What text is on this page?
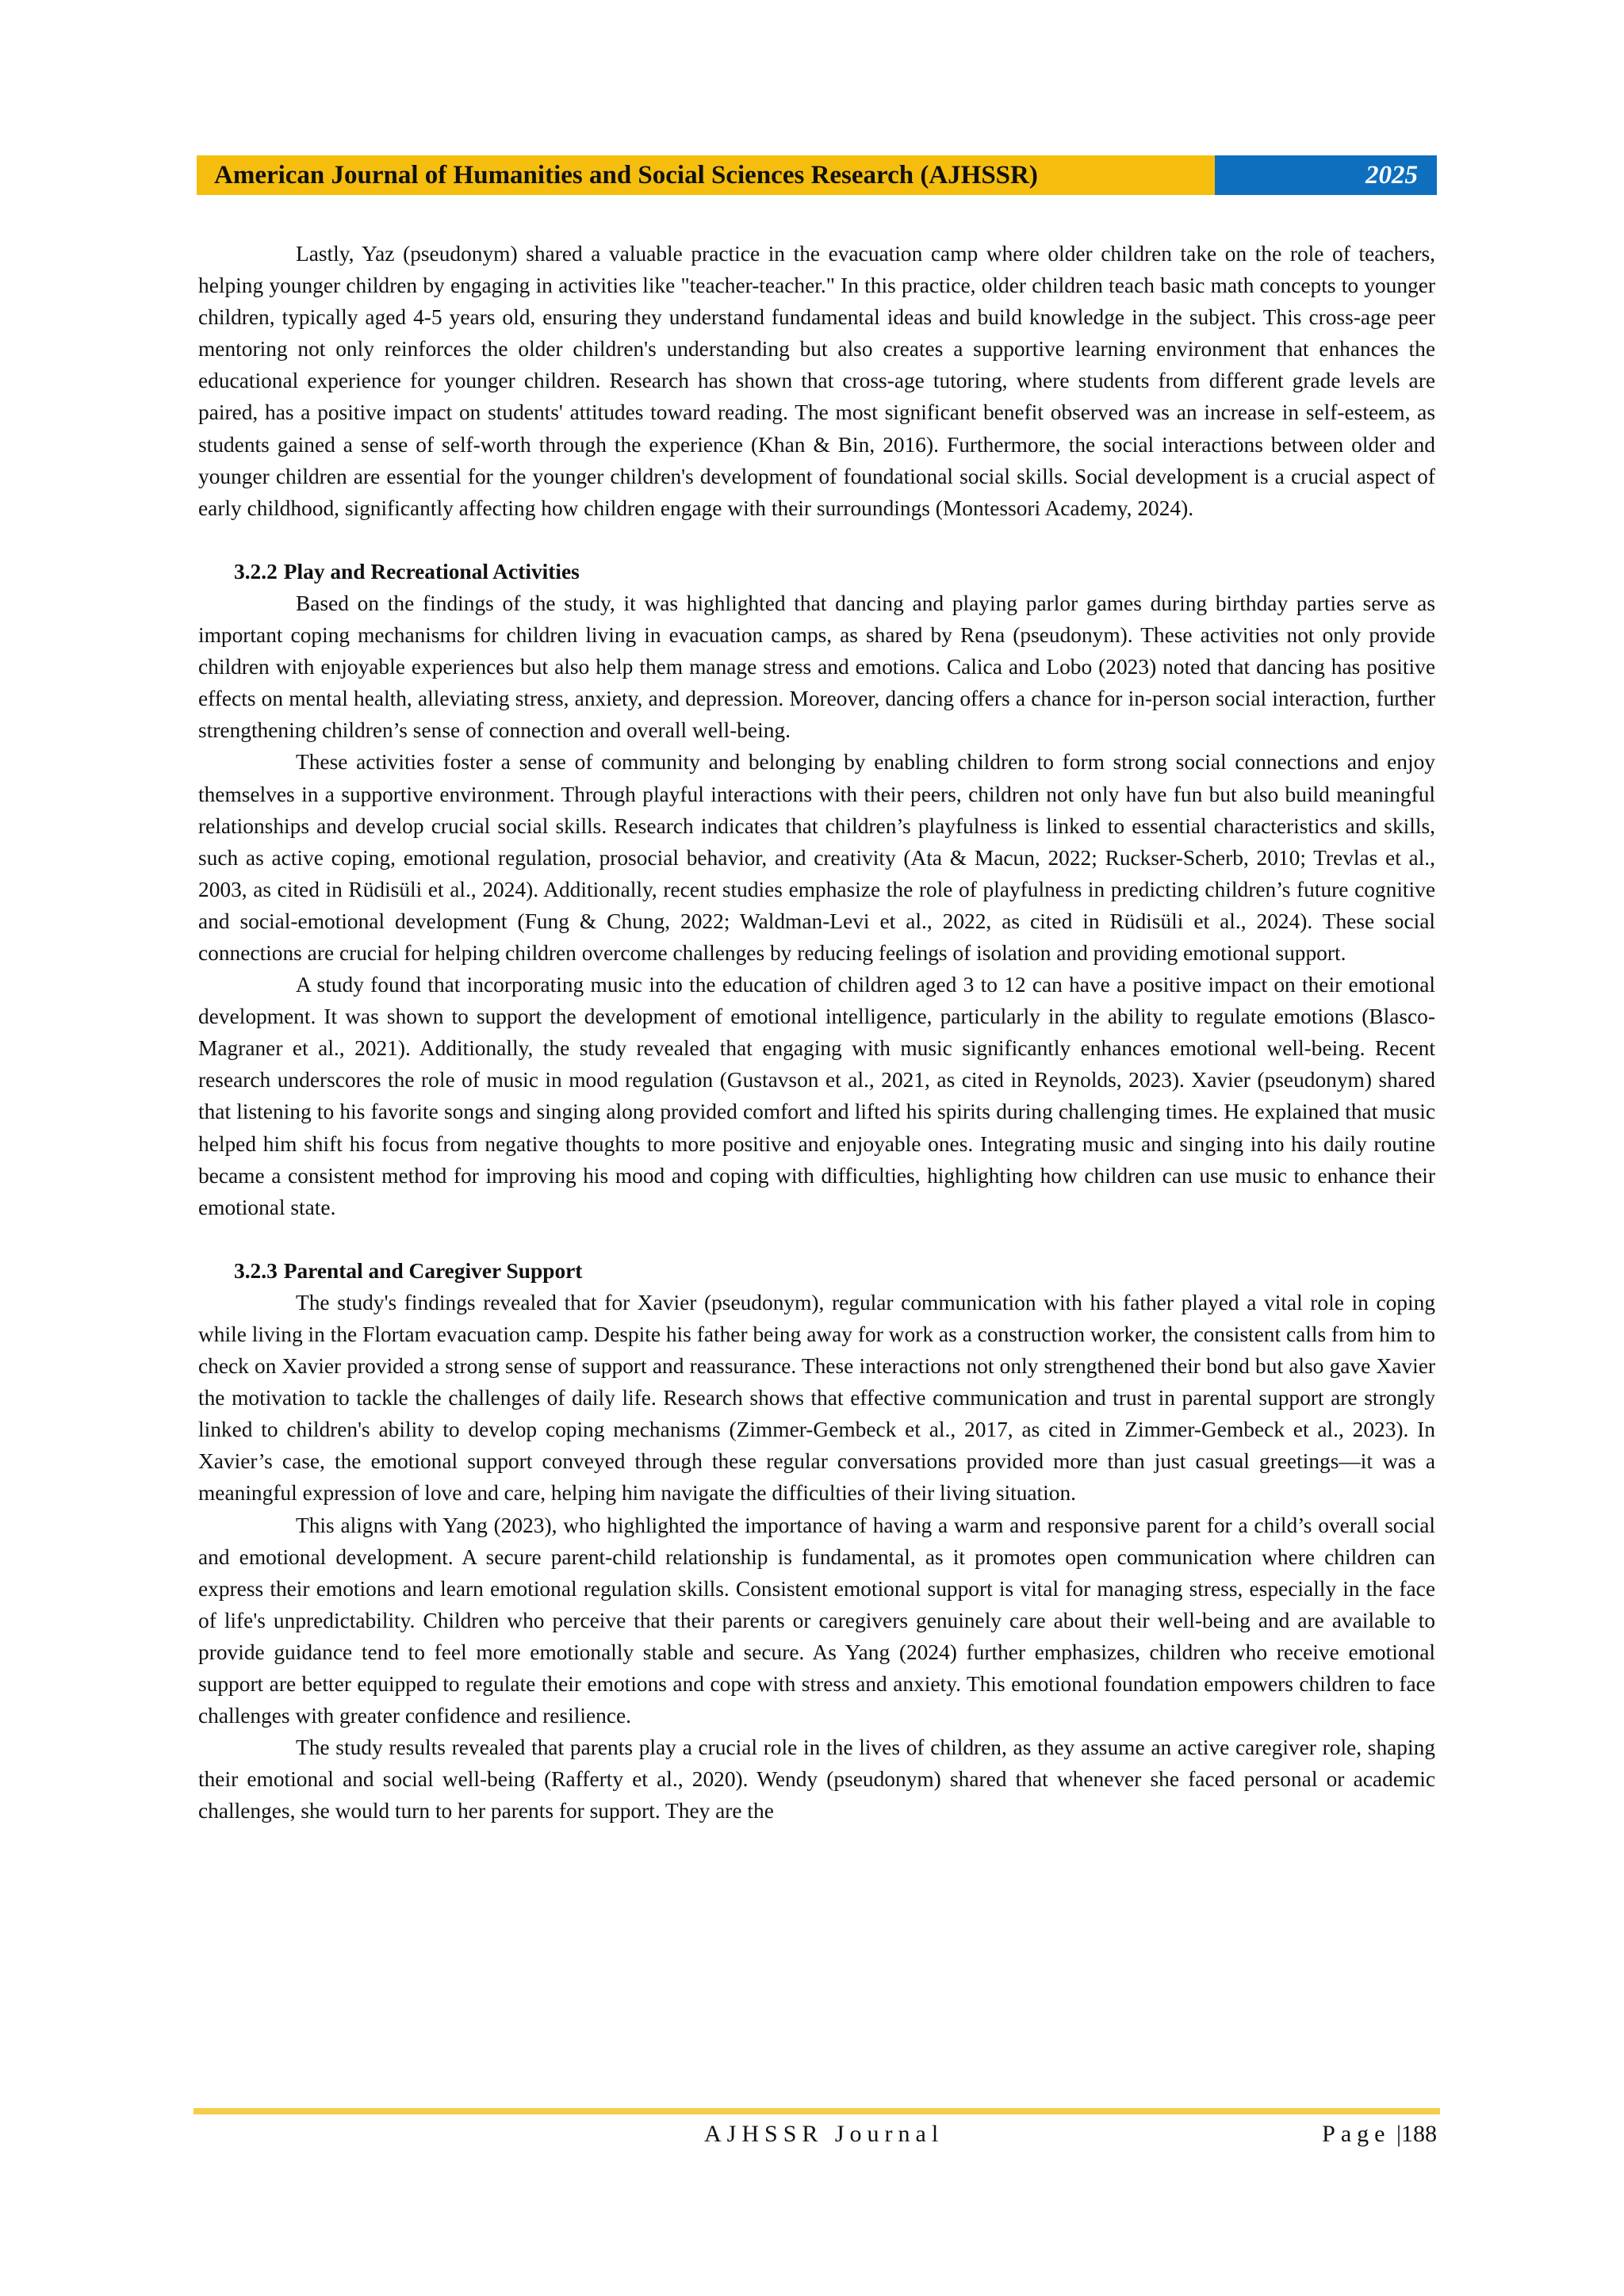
American Journal of Humanities and Social Sciences Research (AJHSSR)	2025

Lastly, Yaz (pseudonym) shared a valuable practice in the evacuation camp where older children take on the role of teachers, helping younger children by engaging in activities like "teacher-teacher." In this practice, older children teach basic math concepts to younger children, typically aged 4-5 years old, ensuring they understand fundamental ideas and build knowledge in the subject. This cross-age peer mentoring not only reinforces the older children's understanding but also creates a supportive learning environment that enhances the educational experience for younger children. Research has shown that cross-age tutoring, where students from different grade levels are paired, has a positive impact on students' attitudes toward reading. The most significant benefit observed was an increase in self-esteem, as students gained a sense of self-worth through the experience (Khan & Bin, 2016). Furthermore, the social interactions between older and younger children are essential for the younger children's development of foundational social skills. Social development is a crucial aspect of early childhood, significantly affecting how children engage with their surroundings (Montessori Academy, 2024).

3.2.2 Play and Recreational Activities

Based on the findings of the study, it was highlighted that dancing and playing parlor games during birthday parties serve as important coping mechanisms for children living in evacuation camps, as shared by Rena (pseudonym). These activities not only provide children with enjoyable experiences but also help them manage stress and emotions. Calica and Lobo (2023) noted that dancing has positive effects on mental health, alleviating stress, anxiety, and depression. Moreover, dancing offers a chance for in-person social interaction, further strengthening children’s sense of connection and overall well-being.

These activities foster a sense of community and belonging by enabling children to form strong social connections and enjoy themselves in a supportive environment. Through playful interactions with their peers, children not only have fun but also build meaningful relationships and develop crucial social skills. Research indicates that children’s playfulness is linked to essential characteristics and skills, such as active coping, emotional regulation, prosocial behavior, and creativity (Ata & Macun, 2022; Ruckser-Scherb, 2010; Trevlas et al., 2003, as cited in Rüdisüli et al., 2024). Additionally, recent studies emphasize the role of playfulness in predicting children’s future cognitive and social-emotional development (Fung & Chung, 2022; Waldman-Levi et al., 2022, as cited in Rüdisüli et al., 2024). These social connections are crucial for helping children overcome challenges by reducing feelings of isolation and providing emotional support.

A study found that incorporating music into the education of children aged 3 to 12 can have a positive impact on their emotional development. It was shown to support the development of emotional intelligence, particularly in the ability to regulate emotions (Blasco-Magraner et al., 2021). Additionally, the study revealed that engaging with music significantly enhances emotional well-being. Recent research underscores the role of music in mood regulation (Gustavson et al., 2021, as cited in Reynolds, 2023). Xavier (pseudonym) shared that listening to his favorite songs and singing along provided comfort and lifted his spirits during challenging times. He explained that music helped him shift his focus from negative thoughts to more positive and enjoyable ones. Integrating music and singing into his daily routine became a consistent method for improving his mood and coping with difficulties, highlighting how children can use music to enhance their emotional state.

3.2.3 Parental and Caregiver Support

The study's findings revealed that for Xavier (pseudonym), regular communication with his father played a vital role in coping while living in the Flortam evacuation camp. Despite his father being away for work as a construction worker, the consistent calls from him to check on Xavier provided a strong sense of support and reassurance. These interactions not only strengthened their bond but also gave Xavier the motivation to tackle the challenges of daily life. Research shows that effective communication and trust in parental support are strongly linked to children's ability to develop coping mechanisms (Zimmer-Gembeck et al., 2017, as cited in Zimmer-Gembeck et al., 2023). In Xavier’s case, the emotional support conveyed through these regular conversations provided more than just casual greetings—it was a meaningful expression of love and care, helping him navigate the difficulties of their living situation.

This aligns with Yang (2023), who highlighted the importance of having a warm and responsive parent for a child’s overall social and emotional development. A secure parent-child relationship is fundamental, as it promotes open communication where children can express their emotions and learn emotional regulation skills. Consistent emotional support is vital for managing stress, especially in the face of life's unpredictability. Children who perceive that their parents or caregivers genuinely care about their well-being and are available to provide guidance tend to feel more emotionally stable and secure. As Yang (2024) further emphasizes, children who receive emotional support are better equipped to regulate their emotions and cope with stress and anxiety. This emotional foundation empowers children to face challenges with greater confidence and resilience.

The study results revealed that parents play a crucial role in the lives of children, as they assume an active caregiver role, shaping their emotional and social well-being (Rafferty et al., 2020). Wendy (pseudonym) shared that whenever she faced personal or academic challenges, she would turn to her parents for support. They are the

AJHSSR Journal	Page |188
